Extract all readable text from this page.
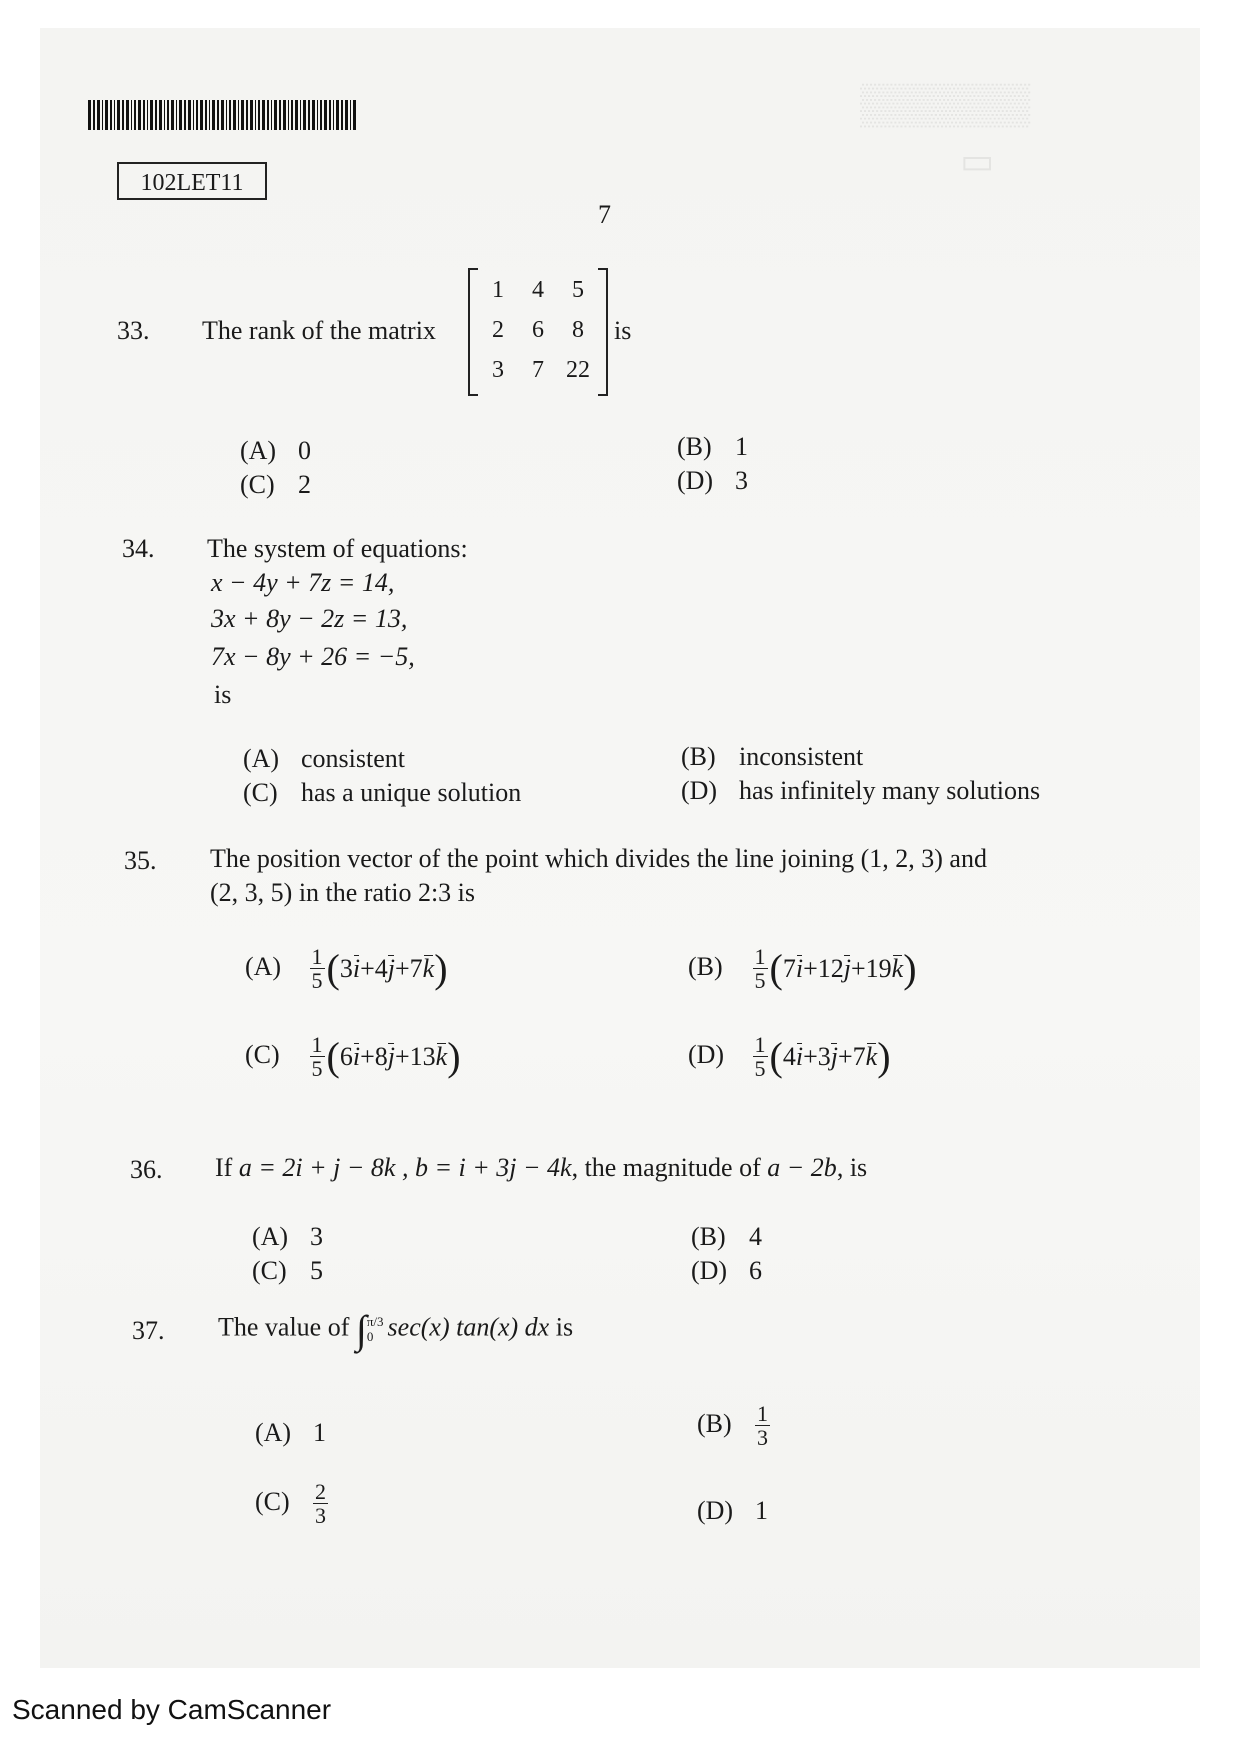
▒▒▒▒▒▒
▭
102LET11
7
33. The rank of the matrix
1 4 5
2 6 8
3 7 22
is
(A) 0	(B) 1
(C) 2	(D) 3
34. The system of equations:
x − 4y + 7z = 14,
3x + 8y − 2z = 13,
7x − 8y + 26 = −5,
is
(A) consistent	(B) inconsistent
(C) has a unique solution	(D) has infinitely many solutions
35. The position vector of the point which divides the line joining (1, 2, 3) and
(2, 3, 5) in the ratio 2:3 is
$(A) \frac{1}{5} (3i+4j+7k)$	$(B) \frac{1}{5} (7i+12j+19k)$
$(C) \frac{1}{5} (6i+8j+13k)$	$(D) \frac{1}{5} (4i+3j+7k)$
36. If a = 2i + j − 8k , b = i + 3j − 4k, the magnitude of a − 2b, is
(A) 3	(B) 4
(C) 5	(D) 6
37. The value of ∫ π/3
0 sec(x) tan(x) dx is
(A) 1	$(B) \frac{1}{3}$
$(C) \frac{2}{3}$	(D) 1
Scanned by CamScanner
